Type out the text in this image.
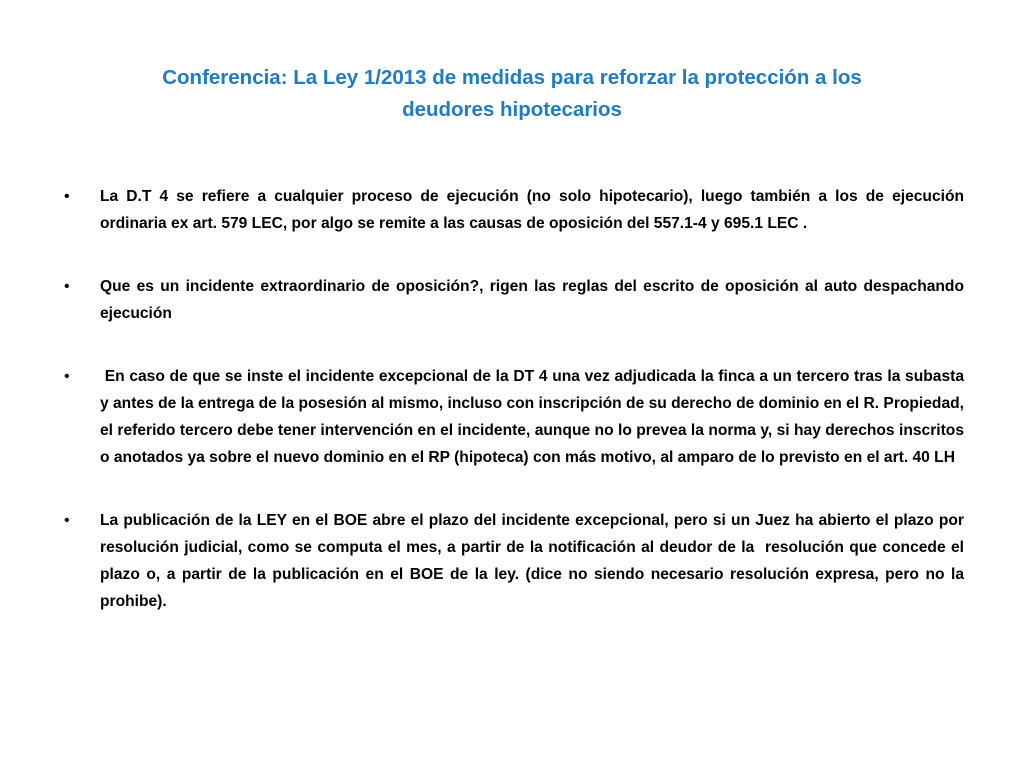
Conferencia: La Ley 1/2013 de medidas para reforzar la protección a los
deudores hipotecarios
• La D.T 4 se refiere a cualquier proceso de ejecución (no solo hipotecario), luego también a los de ejecución ordinaria ex art. 579 LEC, por algo se remite a las causas de oposición del 557.1-4 y 695.1 LEC .
• Que es un incidente extraordinario de oposición?, rigen las reglas del escrito de oposición al auto despachando ejecución
• En caso de que se inste el incidente excepcional de la DT 4 una vez adjudicada la finca a un tercero tras la subasta y antes de la entrega de la posesión al mismo, incluso con inscripción de su derecho de dominio en el R. Propiedad, el referido tercero debe tener intervención en el incidente, aunque no lo prevea la norma y, si hay derechos inscritos o anotados ya sobre el nuevo dominio en el RP (hipoteca) con más motivo, al amparo de lo previsto en el art. 40 LH
• La publicación de la LEY en el BOE abre el plazo del incidente excepcional, pero si un Juez ha abierto el plazo por resolución judicial, como se computa el mes, a partir de la notificación al deudor de la  resolución que concede el plazo o, a partir de la publicación en el BOE de la ley. (dice no siendo necesario resolución expresa, pero no la prohibe).
